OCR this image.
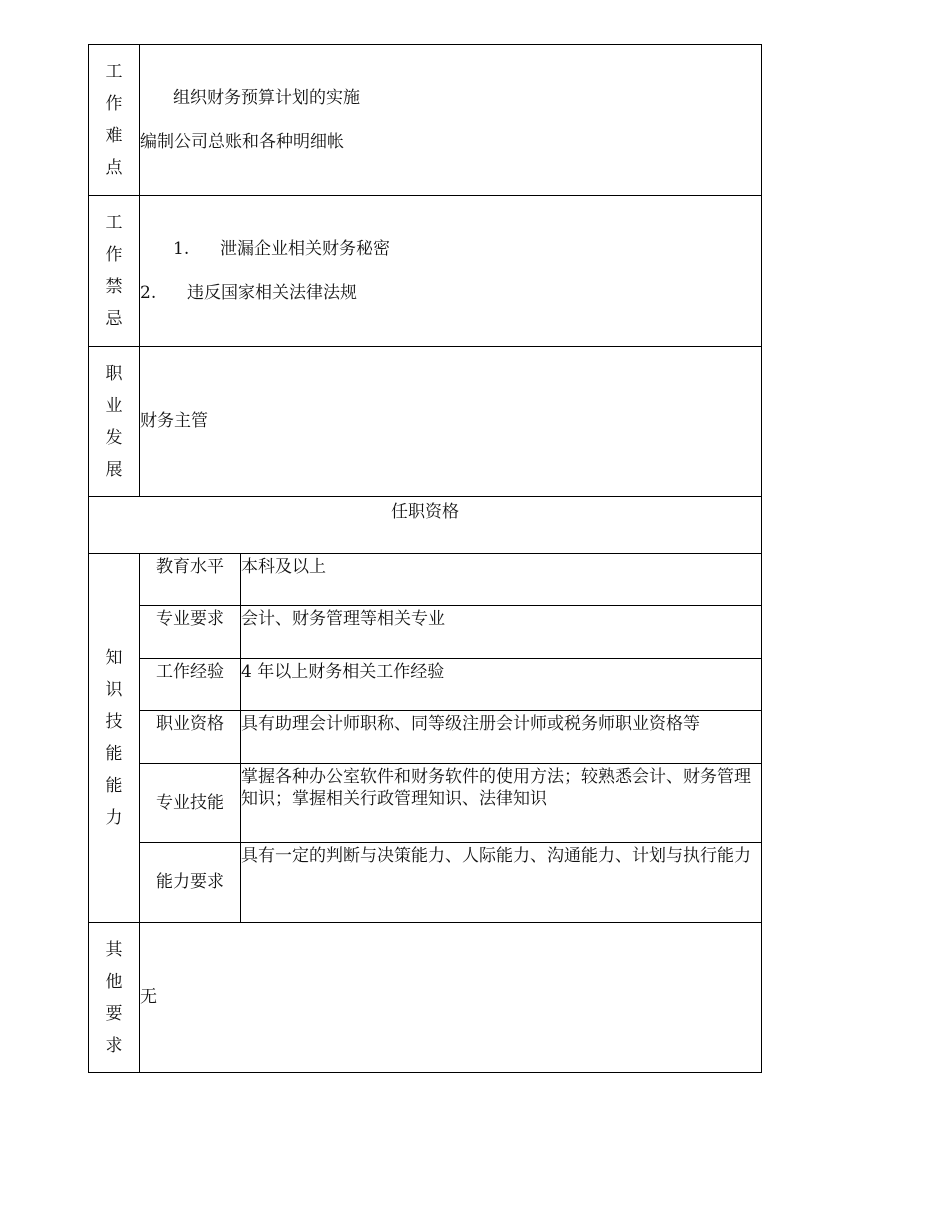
工作难点	组织财务预算计划的实施
编制公司总账和各种明细帐	

工作禁忌	1. 泄漏企业相关财务秘密
2. 违反国家相关法律法规	

职业发展	财务主管	
任职资格		

知识技能能力	教育水平	本科及以上
	专业要求	会计、财务管理等相关专业
	工作经验	4 年以上财务相关工作经验
	职业资格	具有助理会计师职称、同等级注册会计师或税务师职业资格等
	专业技能	掌握各种办公室软件和财务软件的使用方法；较熟悉会计、财务管理知识；掌握相关行政管理知识、法律知识
	能力要求	具有一定的判断与决策能力、人际能力、沟通能力、计划与执行能力

其他要求	无	
